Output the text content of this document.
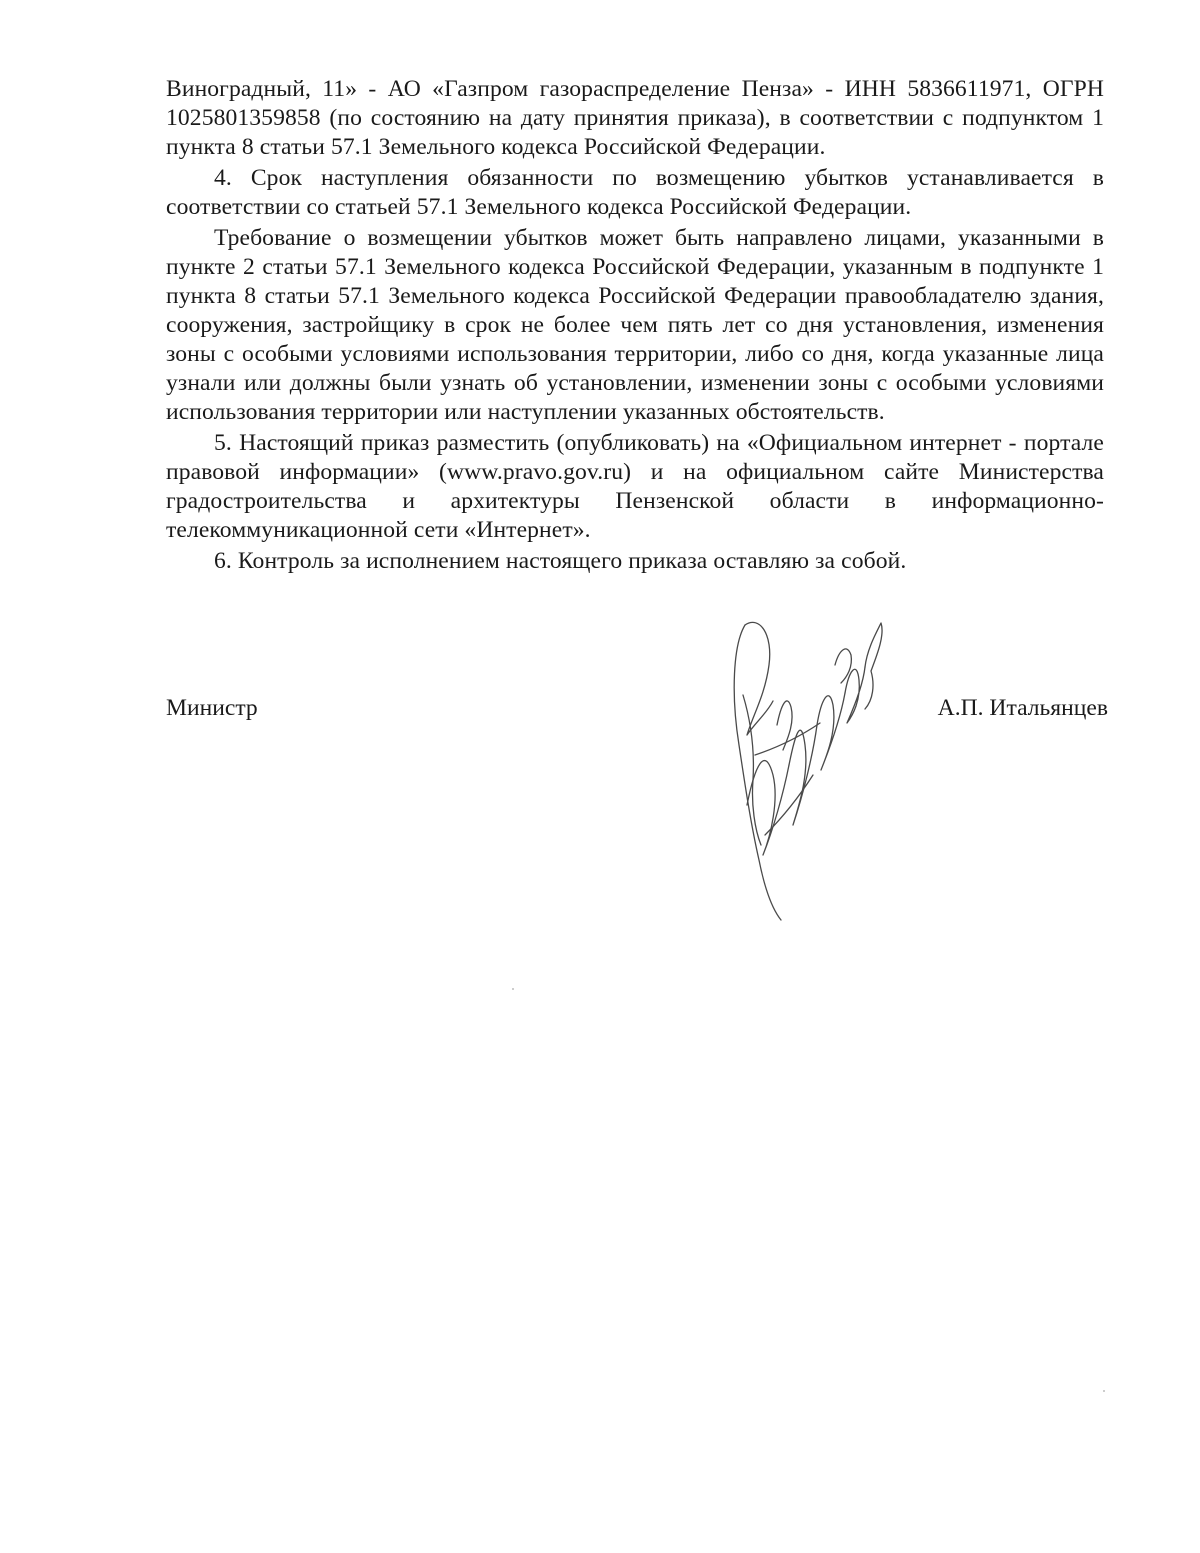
Виноградный, 11» - АО «Газпром газораспределение Пенза» - ИНН 5836611971, ОГРН 1025801359858 (по состоянию на дату принятия приказа), в соответствии с подпунктом 1 пункта 8 статьи 57.1 Земельного кодекса Российской Федерации.

4. Срок наступления обязанности по возмещению убытков устанавливается в соответствии со статьей 57.1 Земельного кодекса Российской Федерации.

Требование о возмещении убытков может быть направлено лицами, указанными в пункте 2 статьи 57.1 Земельного кодекса Российской Федерации, указанным в подпункте 1 пункта 8 статьи 57.1 Земельного кодекса Российской Федерации правообладателю здания, сооружения, застройщику в срок не более чем пять лет со дня установления, изменения зоны с особыми условиями использования территории, либо со дня, когда указанные лица узнали или должны были узнать об установлении, изменении зоны с особыми условиями использования территории или наступлении указанных обстоятельств.

5. Настоящий приказ разместить (опубликовать) на «Официальном интернет - портале правовой информации» (www.pravo.gov.ru) и на официальном сайте Министерства градостроительства и архитектуры Пензенской области в информационно-телекоммуникационной сети «Интернет».

6. Контроль за исполнением настоящего приказа оставляю за собой.

Министр	А.П. Итальянцев
